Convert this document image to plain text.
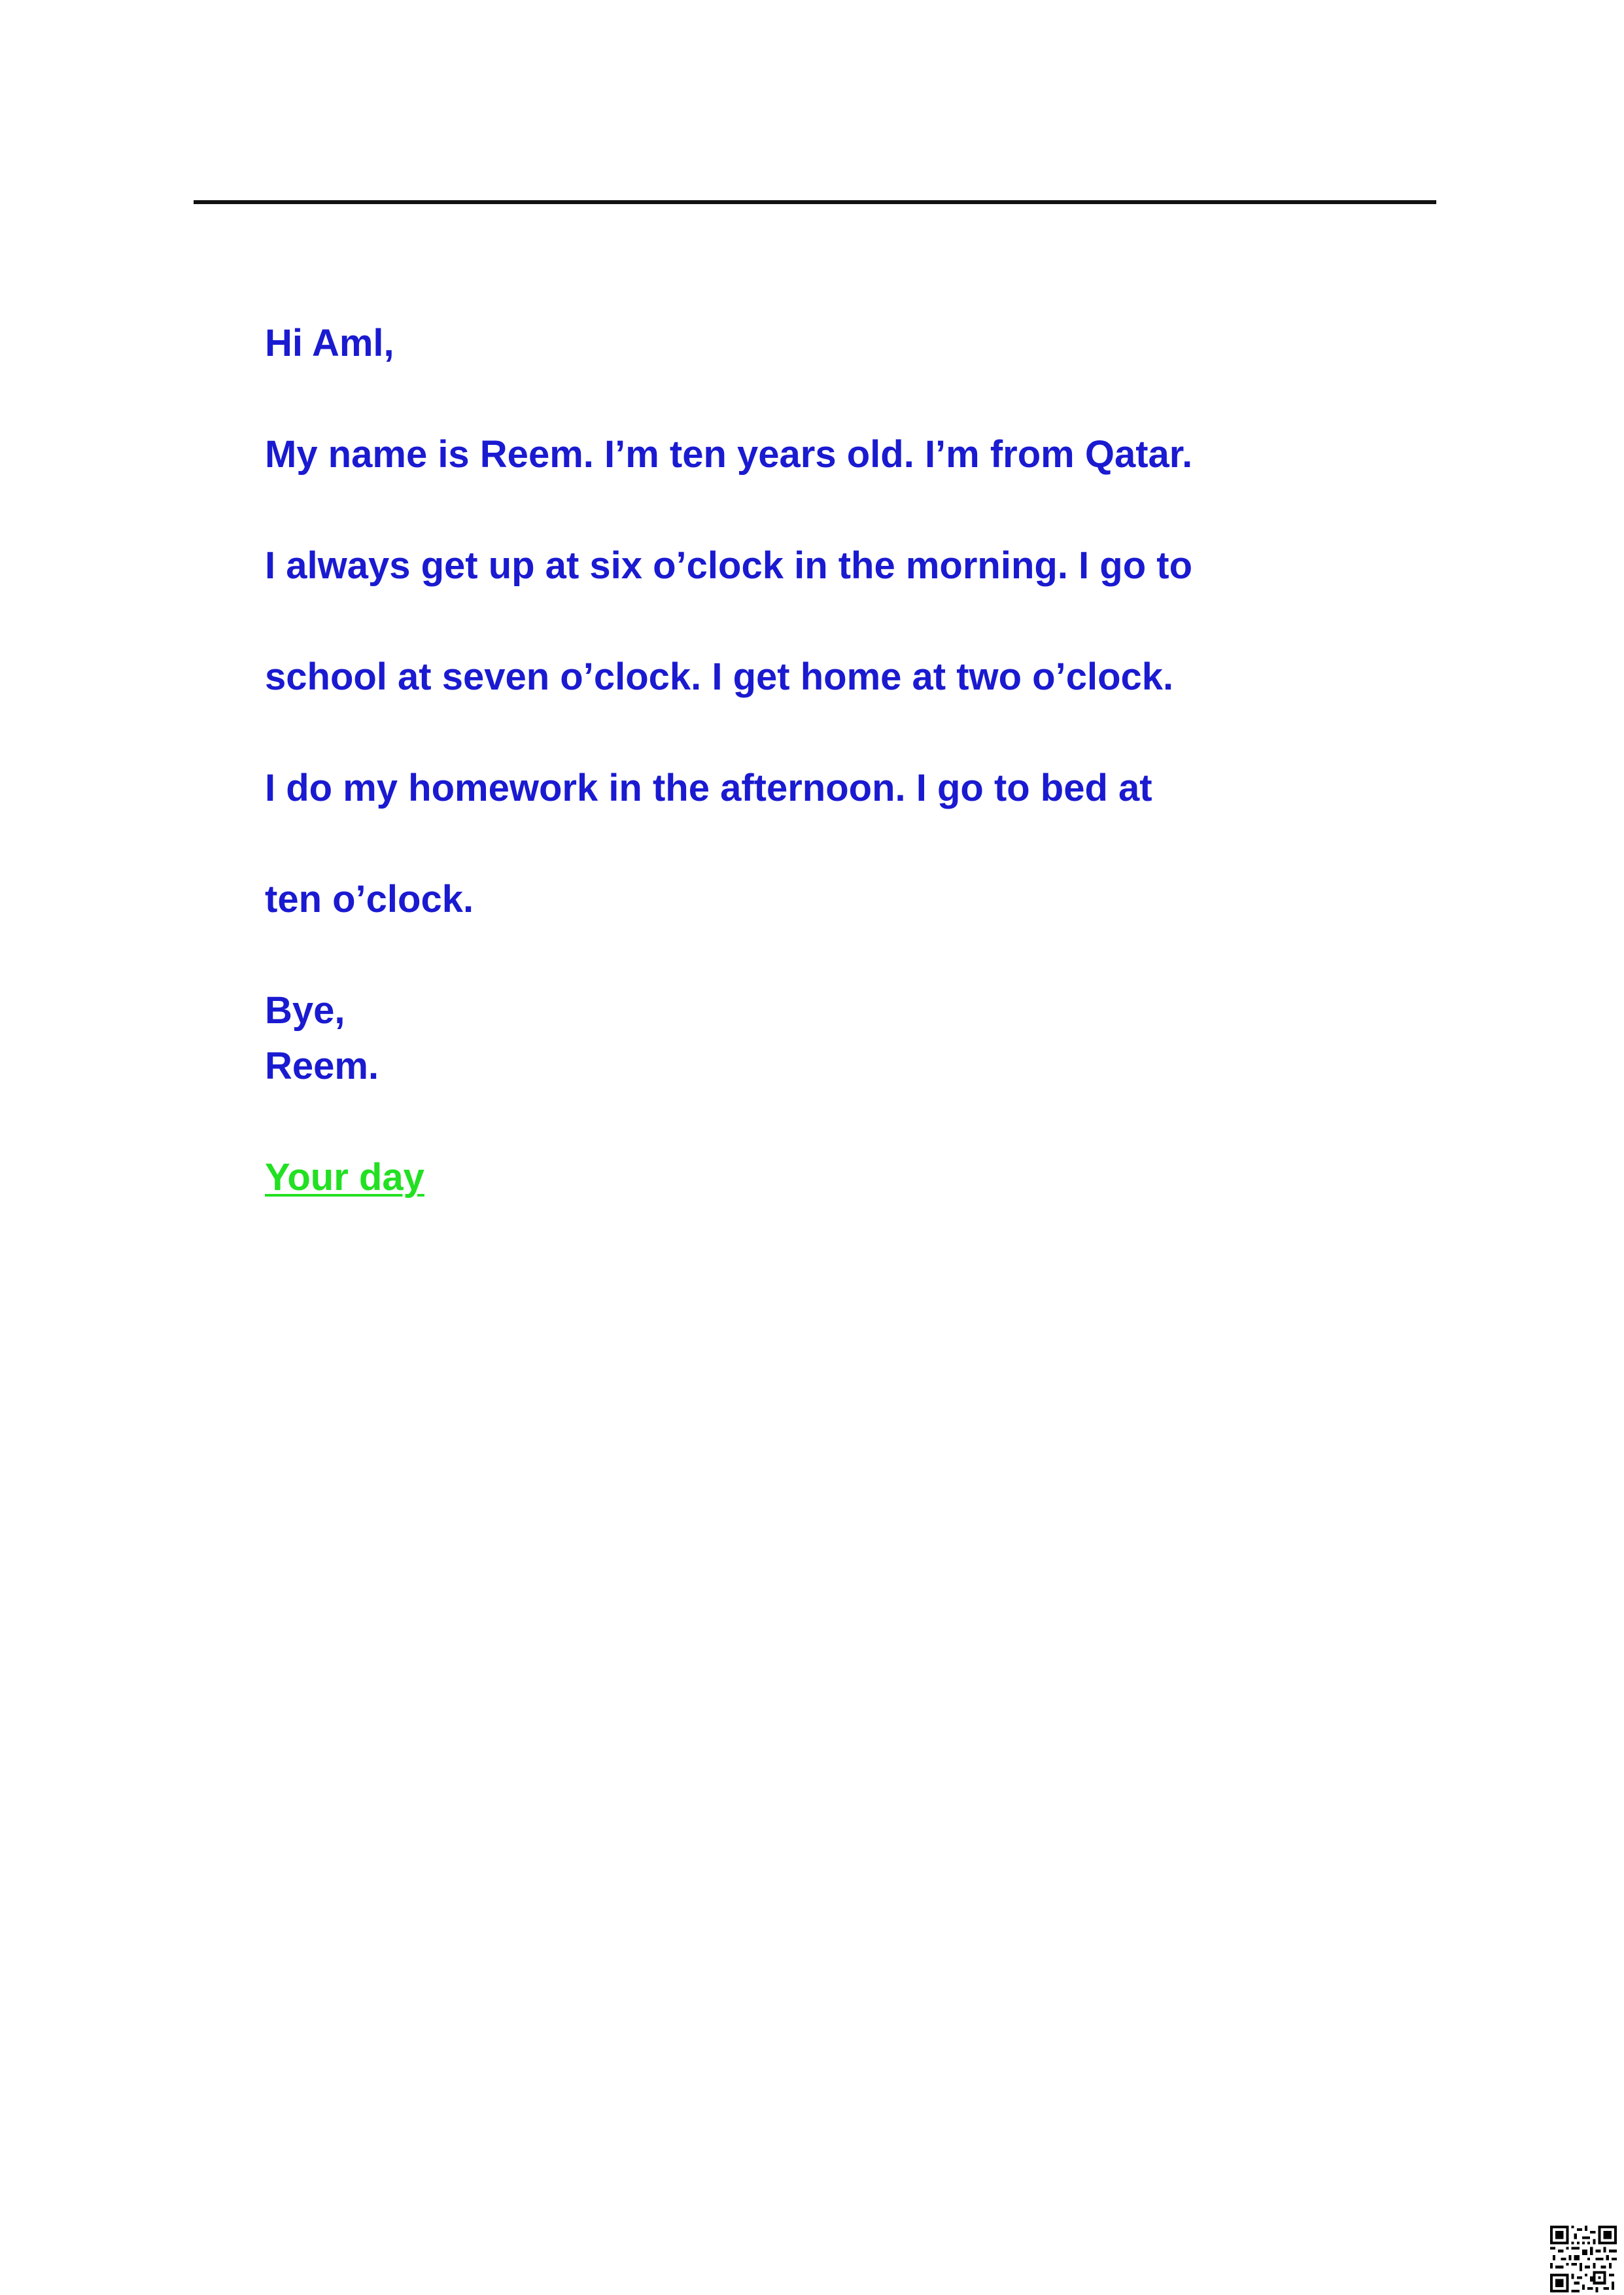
Hi Aml,
My name is Reem. I’m ten years old. I’m from Qatar.
I always get up at six o’clock in the morning. I go to
school at seven o’clock. I get home at two o’clock.
I do my homework in the afternoon. I go to bed at
ten o’clock.
Bye,
Reem.
Your day
